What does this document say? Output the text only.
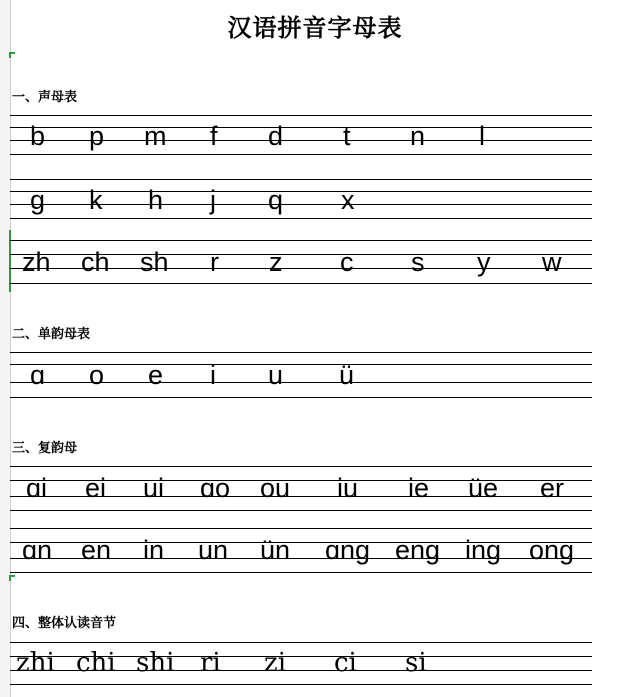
汉语拼音字母表
一、声母表
b p m f d t n l
g k h j q x
zh ch sh r z c s y w
二、单韵母表
ɑ o e i u ü
三、复韵母
ɑi ei ui ɑo ou iu ie üe er
ɑn en in un ün ɑng eng ing ong
四、整体认读音节
zhi chi shi ri zi ci si
